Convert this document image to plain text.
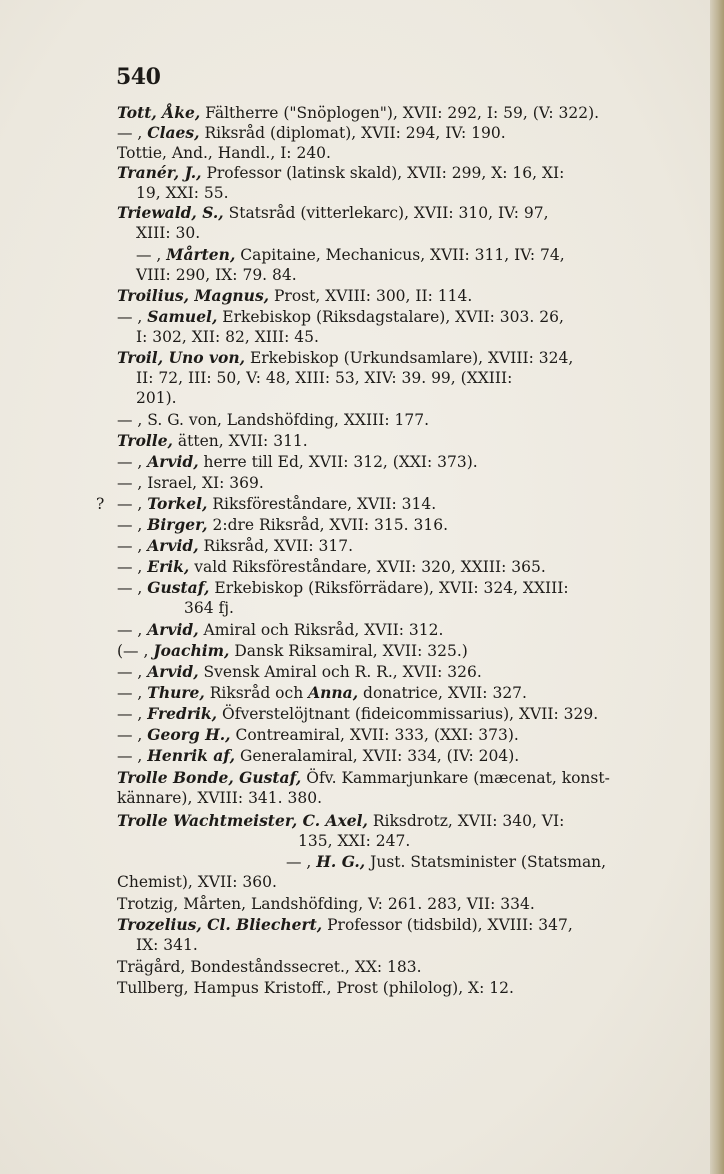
540
Tott, Åke, Fältherre ("Snöplogen"), XVII: 292, I: 59, (V: 322).
— , Claes, Riksråd (diplomat), XVII: 294, IV: 190.
Tottie, And., Handl., I: 240.
Tranér, J., Professor (latinsk skald), XVII: 299, X: 16, XI:
19, XXI: 55.
Triewald, S., Statsråd (vitterlekarc), XVII: 310, IV: 97,
XIII: 30.
— , Mårten, Capitaine, Mechanicus, XVII: 311, IV: 74,
VIII: 290, IX: 79. 84.
Troilius, Magnus, Prost, XVIII: 300, II: 114.
— , Samuel, Erkebiskop (Riksdagstalare), XVII: 303. 26,
I: 302, XII: 82, XIII: 45.
Troil, Uno von, Erkebiskop (Urkundsamlare), XVIII: 324,
II: 72, III: 50, V: 48, XIII: 53, XIV: 39. 99, (XXIII:
201).
— , S. G. von, Landshöfding, XXIII: 177.
Trolle, ätten, XVII: 311.
— , Arvid, herre till Ed, XVII: 312, (XXI: 373).
— , Israel, XI: 369.
— , Torkel, Riksföreståndare, XVII: 314.
— , Birger, 2:dre Riksråd, XVII: 315. 316.
— , Arvid, Riksråd, XVII: 317.
— , Erik, vald Riksföreståndare, XVII: 320, XXIII: 365.
— , Gustaf, Erkebiskop (Riksförrädare), XVII: 324, XXIII:
364 fj.
— , Arvid, Amiral och Riksråd, XVII: 312.
(— , Joachim, Dansk Riksamiral, XVII: 325.)
— , Arvid, Svensk Amiral och R. R., XVII: 326.
— , Thure, Riksråd och Anna, donatrice, XVII: 327.
— , Fredrik, Öfverstelöjtnant (fideicommissarius), XVII: 329.
— , Georg H., Contreamiral, XVII: 333, (XXI: 373).
— , Henrik af, Generalamiral, XVII: 334, (IV: 204).
Trolle Bonde, Gustaf, Öfv. Kammarjunkare (mæcenat, konst-
kännare), XVIII: 341. 380.
Trolle Wachtmeister, C. Axel, Riksdrotz, XVII: 340, VI:
135, XXI: 247.
— , H. G., Just. Statsminister (Statsman,
Chemist), XVII: 360.
Trotzig, Mårten, Landshöfding, V: 261. 283, VII: 334.
Trozelius, Cl. Bliechert, Professor (tidsbild), XVIII: 347,
IX: 341.
Trägård, Bondeståndssecret., XX: 183.
Tullberg, Hampus Kristoff., Prost (philolog), X: 12.
?
